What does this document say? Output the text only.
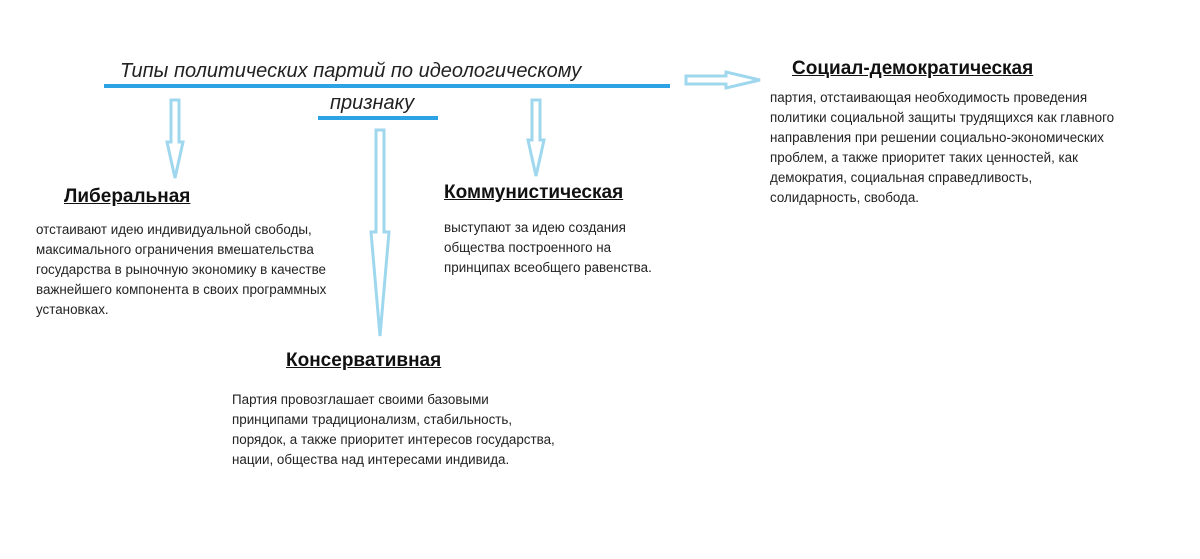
Типы политических партий по идеологическому
признаку
Либеральная
отстаивают идею индивидуальной свободы,
максимального ограничения вмешательства
государства в рыночную экономику в качестве
важнейшего компонента в своих программных
установках.
Коммунистическая
выступают за идею создания
общества построенного на
принципах всеобщего равенства.
Консервативная
Партия провозглашает своими базовыми
принципами традиционализм, стабильность,
порядок, а также приоритет интересов государства,
нации, общества над интересами индивида.
Социал-демократическая
партия, отстаивающая необходимость проведения
политики социальной защиты трудящихся как главного
направления при решении социально-экономических
проблем, а также приоритет таких ценностей, как
демократия, социальная справедливость,
солидарность, свобода.
